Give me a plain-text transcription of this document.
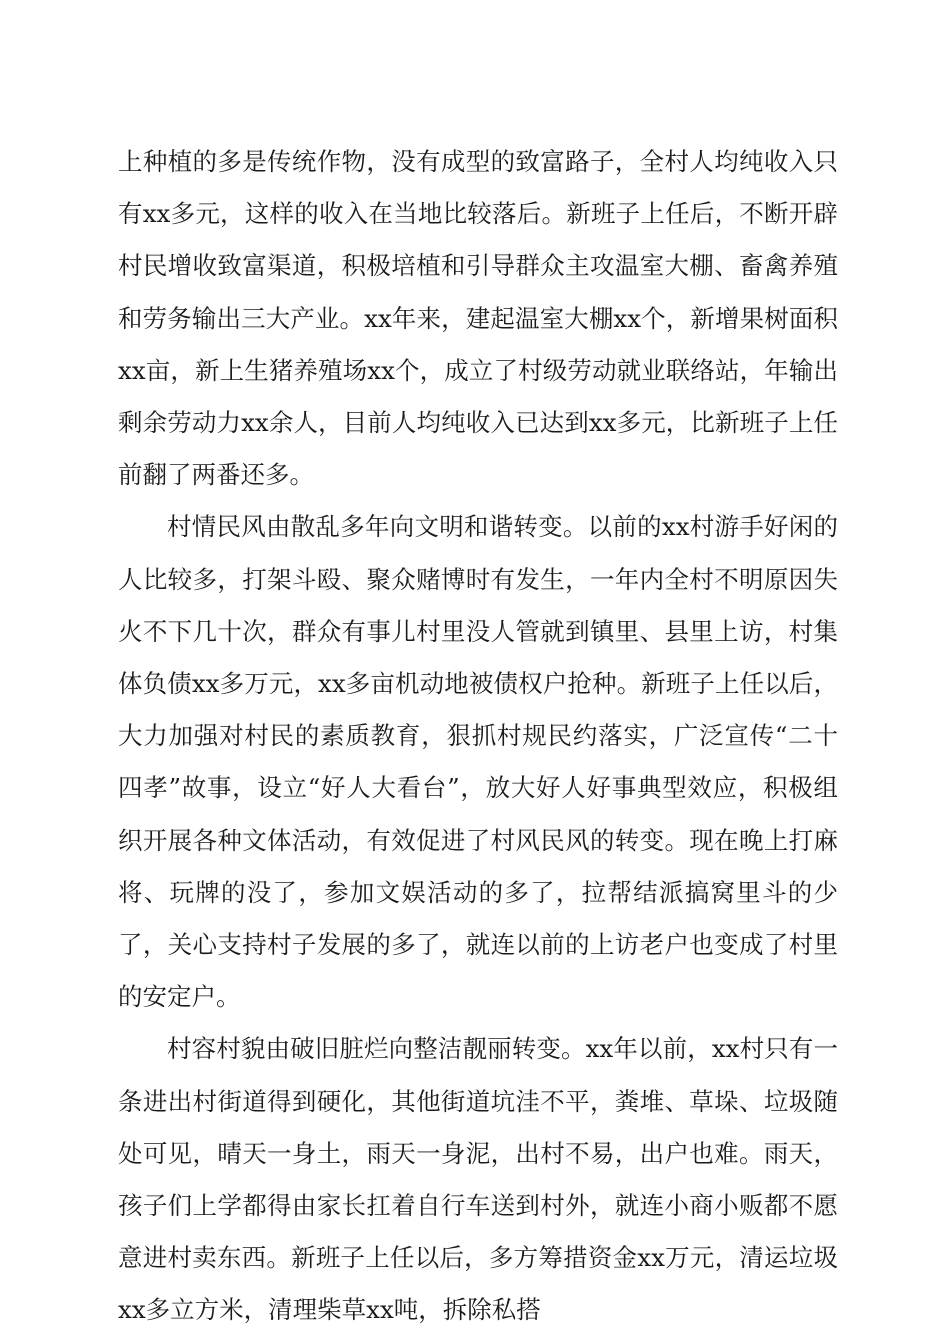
上种植的多是传统作物，没有成型的致富路子，全村人均纯收入只有xx多元，这样的收入在当地比较落后。新班子上任后，不断开辟村民增收致富渠道，积极培植和引导群众主攻温室大棚、畜禽养殖和劳务输出三大产业。xx年来，建起温室大棚xx个，新增果树面积xx亩，新上生猪养殖场xx个，成立了村级劳动就业联络站，年输出剩余劳动力xx余人，目前人均纯收入已达到xx多元，比新班子上任前翻了两番还多。

村情民风由散乱多年向文明和谐转变。以前的xx村游手好闲的人比较多，打架斗殴、聚众赌博时有发生，一年内全村不明原因失火不下几十次，群众有事儿村里没人管就到镇里、县里上访，村集体负债xx多万元，xx多亩机动地被债权户抢种。新班子上任以后，大力加强对村民的素质教育，狠抓村规民约落实，广泛宣传“二十四孝”故事，设立“好人大看台”，放大好人好事典型效应，积极组织开展各种文体活动，有效促进了村风民风的转变。现在晚上打麻将、玩牌的没了，参加文娱活动的多了，拉帮结派搞窝里斗的少了，关心支持村子发展的多了，就连以前的上访老户也变成了村里的安定户。

村容村貌由破旧脏烂向整洁靓丽转变。xx年以前，xx村只有一条进出村街道得到硬化，其他街道坑洼不平，粪堆、草垛、垃圾随处可见，晴天一身土，雨天一身泥，出村不易，出户也难。雨天，孩子们上学都得由家长扛着自行车送到村外，就连小商小贩都不愿意进村卖东西。新班子上任以后，多方筹措资金xx万元，清运垃圾xx多立方米，清理柴草xx吨，拆除私搭
